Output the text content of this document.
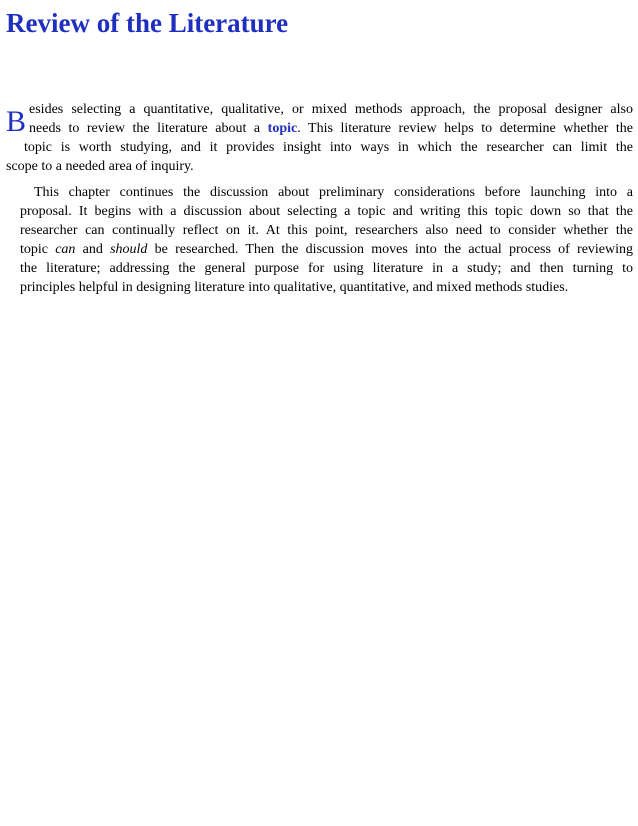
Review of the Literature
B esides selecting a quantitative, qualitative, or mixed methods approach, the proposal designer also
needs to review the literature about a topic. This literature review helps to determine whether the
topic is worth studying, and it provides insight into ways in which the researcher can limit the
scope to a needed area of inquiry.
This chapter continues the discussion about preliminary considerations before launching into a
proposal. It begins with a discussion about selecting a topic and writing this topic down so that the
researcher can continually reflect on it. At this point, researchers also need to consider whether the
topic can and should be researched. Then the discussion moves into the actual process of reviewing
the literature; addressing the general purpose for using literature in a study; and then turning to
principles helpful in designing literature into qualitative, quantitative, and mixed methods studies.
